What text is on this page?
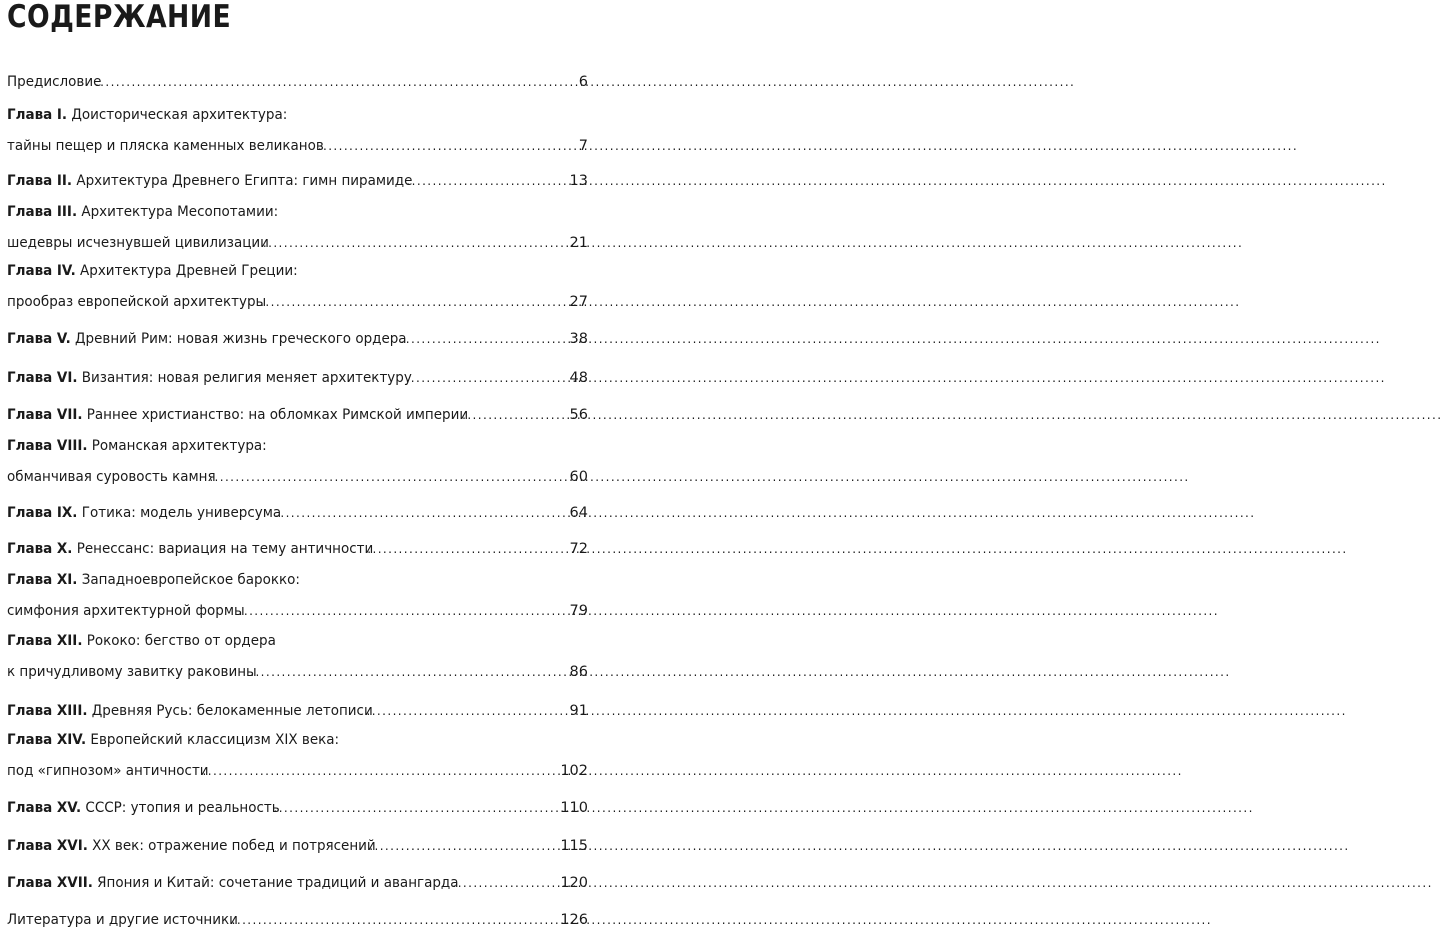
СОДЕРЖАНИЕ
Предисловие .....	6
Глава I. Доисторическая архитектура:
тайны пещер и пляска каменных великанов .....	7
Глава II. Архитектура Древнего Египта: гимн пирамиде .....	13
Глава III. Архитектура Месопотамии:
шедевры исчезнувшей цивилизации .....	21
Глава IV. Архитектура Древней Греции:
прообраз европейской архитектуры .....	27
Глава V. Древний Рим: новая жизнь греческого ордера .....	38
Глава VI. Византия: новая религия меняет архитектуру .....	48
Глава VII. Раннее христианство: на обломках Римской империи .....	56
Глава VIII. Романская архитектура:
обманчивая суровость камня .....	60
Глава IX. Готика: модель универсума .....	64
Глава X. Ренессанс: вариация на тему античности .....	72
Глава XI. Западноевропейское барокко:
симфония архитектурной формы .....	79
Глава XII. Рококо: бегство от ордера
к причудливому завитку раковины .....	86
Глава XIII. Древняя Русь: белокаменные летописи .....	91
Глава XIV. Европейский классицизм XIX века:
под «гипнозом» античности .....	102
Глава XV. СССР: утопия и реальность .....	110
Глава XVI. XX век: отражение побед и потрясений .....	115
Глава XVII. Япония и Китай: сочетание традиций и авангарда .....	120
Литература и другие источники .....	126
